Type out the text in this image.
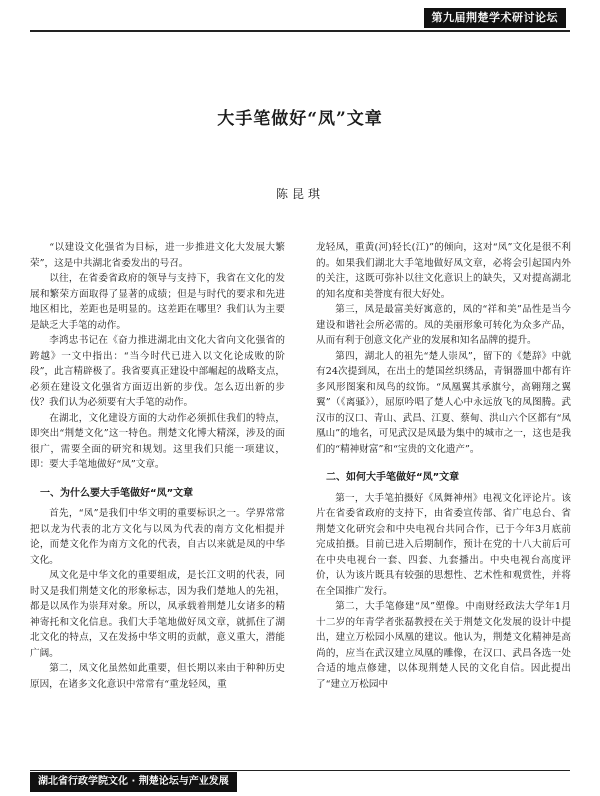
第九届荆楚学术研讨论坛
大手笔做好“凤”文章
陈昆琪

“以建设文化强省为目标，进一步推进文化大发展大繁荣”，这是中共湖北省委发出的号召。

以往，在省委省政府的领导与支持下，我省在文化的发展和繁荣方面取得了显著的成绩；但是与时代的要求和先进地区相比，差距也是明显的。这差距在哪里？我们认为主要是缺乏大手笔的动作。

李鸿忠书记在《奋力推进湖北由文化大省向文化强省的跨越》一文中指出：“当今时代已进入以文化论成败的阶段”，此言精辟极了。我省要真正建设中部崛起的战略支点，必须在建设文化强省方面迈出新的步伐。怎么迈出新的步伐？我们认为必须要有大手笔的动作。

在湖北，文化建设方面的大动作必须抓住我们的特点，即突出“荆楚文化”这一特色。荆楚文化博大精深，涉及的面很广，需要全面的研究和规划。这里我们只能一项建议，即：要大手笔地做好“凤”文章。

一、为什么要大手笔做好“凤”文章

首先，“凤”是我们中华文明的重要标识之一。学界常常把以龙为代表的北方文化与以凤为代表的南方文化相提并论，而楚文化作为南方文化的代表，自古以来就是凤的中华文化。

凤文化是中华文化的重要组成，是长江文明的代表，同时又是我们荆楚文化的形象标志，因为我们楚地人的先祖，都是以凤作为崇拜对象。所以，凤承载着荆楚儿女诸多的精神寄托和文化信息。我们大手笔地做好凤文章，就抓住了湖北文化的特点，又在发扬中华文明的贡献，意义重大，潜能广阔。

第二，凤文化虽然如此重要，但长期以来由于种种历史原因，在诸多文化意识中常常有“重龙轻凤，重

龙轻凤，重黄(河)轻长(江)”的倾向，这对“凤”文化是很不利的。如果我们湖北大手笔地做好凤文章，必将会引起国内外的关注，这既可弥补以往文化意识上的缺失，又对提高湖北的知名度和美誉度有很大好处。

第三，凤是最富美好寓意的，凤的“祥和美”品性是当今建设和谐社会所必需的。凤的美丽形象可转化为众多产品，从而有利于创意文化产业的发展和知名品牌的提升。

第四，湖北人的祖先“楚人崇凤”，留下的《楚辞》中就有24次提到凤，在出土的楚国丝织绣品，青铜器皿中都有许多风形图案和凤鸟的纹饰。“凤凰翼其承旗兮，高翱翔之翼翼”（《离骚》），屈原吟唱了楚人心中永远放飞的凤图腾。武汉市的汉口、青山、武昌、江夏、蔡甸、洪山六个区都有“凤凰山”的地名，可见武汉是凤最为集中的城市之一，这也是我们的“精神财富”和“宝贵的文化遗产”。

二、如何大手笔做好“凤”文章

第一，大手笔拍摄好《凤舞神州》电视文化评论片。该片在省委省政府的支持下，由省委宣传部、省广电总台、省荆楚文化研究会和中央电视台共同合作，已于今年3月底前完成拍摄。目前已进入后期制作，预计在党的十八大前后可在中央电视台一套、四套、九套播出。中央电视台高度评价，认为该片既具有较强的思想性、艺术性和观赏性，并将在全国推广发行。

第二，大手笔修建“凤”塑像。中南财经政法大学年1月十二岁的年青学者张磊教授在关于荆楚文化发展的设计中提出，建立万松园小凤凰的建议。他认为，荆楚文化精神是高尚的，应当在武汉建立凤凰的雕像，在汉口、武昌各选一处合适的地点修建，以体现荆楚人民的文化自信。因此提出了“建立万松园中

湖北省行政学院文化 · 荆楚论坛与产业发展
